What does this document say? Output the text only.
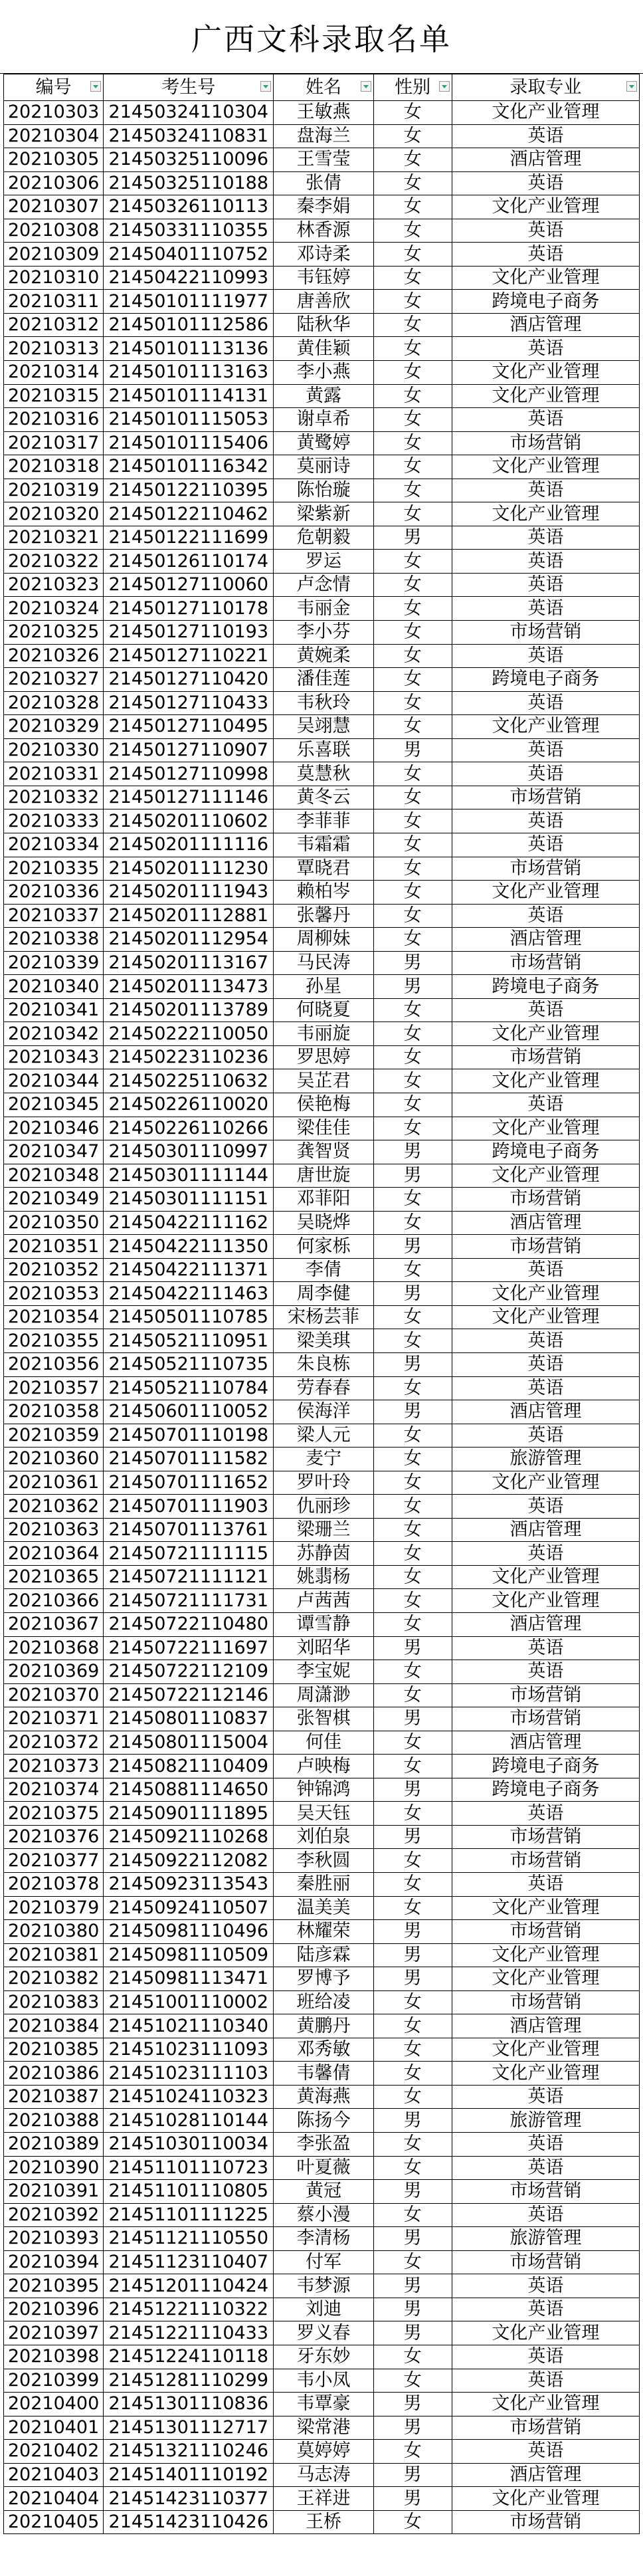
广西文科录取名单
编号	考生号	姓名	性别	录取专业

20210303	21450324110304	王敏燕	女	文化产业管理
20210304	21450324110831	盘海兰	女	英语
20210305	21450325110096	王雪莹	女	酒店管理
20210306	21450325110188	张倩	女	英语
20210307	21450326110113	秦李娟	女	文化产业管理
20210308	21450331110355	林香源	女	英语
20210309	21450401110752	邓诗柔	女	英语
20210310	21450422110993	韦钰婷	女	文化产业管理
20210311	21450101111977	唐善欣	女	跨境电子商务
20210312	21450101112586	陆秋华	女	酒店管理
20210313	21450101113136	黄佳颖	女	英语
20210314	21450101113163	李小燕	女	文化产业管理
20210315	21450101114131	黄露	女	文化产业管理
20210316	21450101115053	谢卓希	女	英语
20210317	21450101115406	黄鹭婷	女	市场营销
20210318	21450101116342	莫丽诗	女	文化产业管理
20210319	21450122110395	陈怡璇	女	英语
20210320	21450122110462	梁紫新	女	文化产业管理
20210321	21450122111699	危朝毅	男	英语
20210322	21450126110174	罗运	女	英语
20210323	21450127110060	卢念情	女	英语
20210324	21450127110178	韦丽金	女	英语
20210325	21450127110193	李小芬	女	市场营销
20210326	21450127110221	黄婉柔	女	英语
20210327	21450127110420	潘佳莲	女	跨境电子商务
20210328	21450127110433	韦秋玲	女	英语
20210329	21450127110495	吴翊慧	女	文化产业管理
20210330	21450127110907	乐喜联	男	英语
20210331	21450127110998	莫慧秋	女	英语
20210332	21450127111146	黄冬云	女	市场营销
20210333	21450201110602	李菲菲	女	英语
20210334	21450201111116	韦霜霜	女	英语
20210335	21450201111230	覃晓君	女	市场营销
20210336	21450201111943	赖柏岑	女	文化产业管理
20210337	21450201112881	张馨丹	女	英语
20210338	21450201112954	周柳妹	女	酒店管理
20210339	21450201113167	马民涛	男	市场营销
20210340	21450201113473	孙星	男	跨境电子商务
20210341	21450201113789	何晓夏	女	英语
20210342	21450222110050	韦丽旋	女	文化产业管理
20210343	21450223110236	罗思婷	女	市场营销
20210344	21450225110632	吴芷君	女	文化产业管理
20210345	21450226110020	侯艳梅	女	英语
20210346	21450226110266	梁佳佳	女	文化产业管理
20210347	21450301110997	龚智贤	男	跨境电子商务
20210348	21450301111144	唐世旋	男	文化产业管理
20210349	21450301111151	邓菲阳	女	市场营销
20210350	21450422111162	吴晓烨	女	酒店管理
20210351	21450422111350	何家栎	男	市场营销
20210352	21450422111371	李倩	女	英语
20210353	21450422111463	周李健	男	文化产业管理
20210354	21450501110785	宋杨芸菲	女	文化产业管理
20210355	21450521110951	梁美琪	女	英语
20210356	21450521110735	朱良栋	男	英语
20210357	21450521110784	劳春春	女	英语
20210358	21450601110052	侯海洋	男	酒店管理
20210359	21450701110198	梁人元	女	英语
20210360	21450701111582	麦宁	女	旅游管理
20210361	21450701111652	罗叶玲	女	文化产业管理
20210362	21450701111903	仇丽珍	女	英语
20210363	21450701113761	梁珊兰	女	酒店管理
20210364	21450721111115	苏静茵	女	英语
20210365	21450721111121	姚翡杨	女	文化产业管理
20210366	21450721111731	卢茜茜	女	文化产业管理
20210367	21450722110480	谭雪静	女	酒店管理
20210368	21450722111697	刘昭华	男	英语
20210369	21450722112109	李宝妮	女	英语
20210370	21450722112146	周潇渺	女	市场营销
20210371	21450801110837	张智棋	男	市场营销
20210372	21450801115004	何佳	女	酒店管理
20210373	21450821110409	卢映梅	女	跨境电子商务
20210374	21450881114650	钟锦鸿	男	跨境电子商务
20210375	21450901111895	吴天钰	女	英语
20210376	21450921110268	刘伯泉	男	市场营销
20210377	21450922112082	李秋圆	女	市场营销
20210378	21450923113543	秦胜丽	女	英语
20210379	21450924110507	温美美	女	文化产业管理
20210380	21450981110496	林耀荣	男	市场营销
20210381	21450981110509	陆彦霖	男	文化产业管理
20210382	21450981113471	罗博予	男	文化产业管理
20210383	21451001110002	班给凌	女	市场营销
20210384	21451021110340	黄鹏丹	女	酒店管理
20210385	21451023111093	邓秀敏	女	文化产业管理
20210386	21451023111103	韦馨倩	女	文化产业管理
20210387	21451024110323	黄海燕	女	英语
20210388	21451028110144	陈扬今	男	旅游管理
20210389	21451030110034	李张盈	女	英语
20210390	21451101110723	叶夏薇	女	英语
20210391	21451101110805	黄冠	男	市场营销
20210392	21451101111225	蔡小漫	女	英语
20210393	21451121110550	李清杨	男	旅游管理
20210394	21451123110407	付军	女	市场营销
20210395	21451201110424	韦梦源	男	英语
20210396	21451221110322	刘迪	男	英语
20210397	21451221110433	罗义春	男	文化产业管理
20210398	21451224110118	牙东妙	女	英语
20210399	21451281110299	韦小凤	女	英语
20210400	21451301110836	韦覃豪	男	文化产业管理
20210401	21451301112717	梁常港	男	市场营销
20210402	21451321110246	莫婷婷	女	英语
20210403	21451401110192	马志涛	男	酒店管理
20210404	21451423110377	王祥进	男	文化产业管理
20210405	21451423110426	王桥	女	市场营销
